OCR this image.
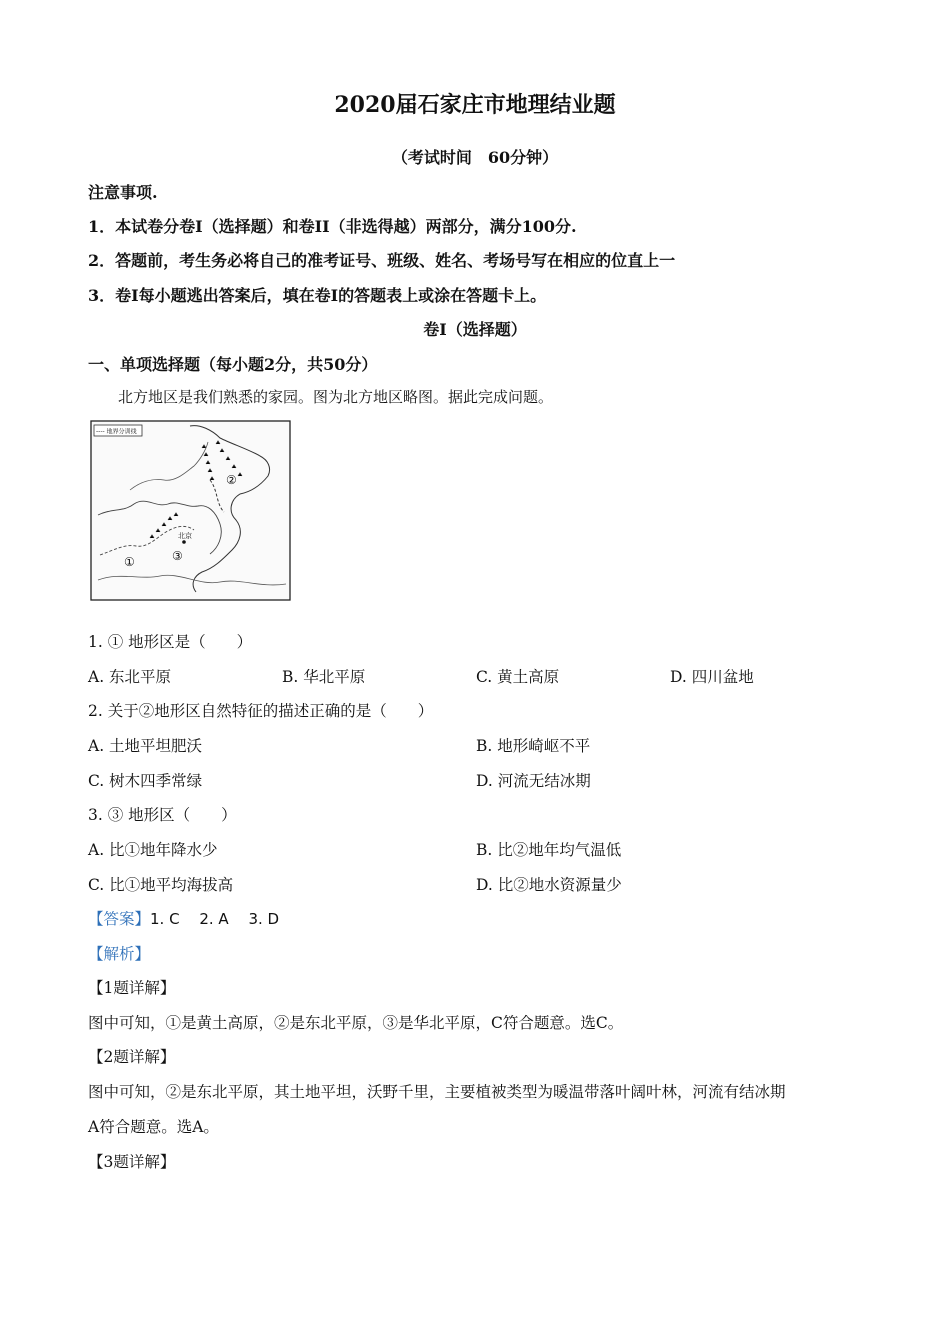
2020届石家庄市地理结业题
（考试时间　60分钟）
注意事项.
1．本试卷分卷Ⅰ（选择题）和卷II（非选得越）两部分，满分100分.
2．答题前，考生务必将自己的准考证号、班级、姓名、考场号写在相应的位直上一
3．卷Ⅰ每小题逃出答案后，填在卷Ⅰ的答题表上或涂在答题卡上。
卷Ⅰ（选择题）
一、单项选择题（每小题2分，共50分）
北方地区是我们熟悉的家园。图为北方地区略图。据此完成问题。
---- 地界分训线
①
②
③
北京
1. ① 地形区是（　　）
A. 东北平原	B. 华北平原	C. 黄土高原	D. 四川盆地
2. 关于②地形区自然特征的描述正确的是（　　）
A. 土地平坦肥沃	B. 地形崎岖不平
C. 树木四季常绿	D. 河流无结冰期
3. ③ 地形区（　　）
A. 比①地年降水少	B. 比②地年均气温低
C. 比①地平均海拔高	D. 比②地水资源量少
【答案】1. C　 2. A　 3. D
【解析】
【1题详解】
图中可知，①是黄土高原，②是东北平原，③是华北平原，C符合题意。选C。
【2题详解】
图中可知，②是东北平原，其土地平坦，沃野千里，主要植被类型为暖温带落叶阔叶林，河流有结冰期
A符合题意。选A。
【3题详解】
